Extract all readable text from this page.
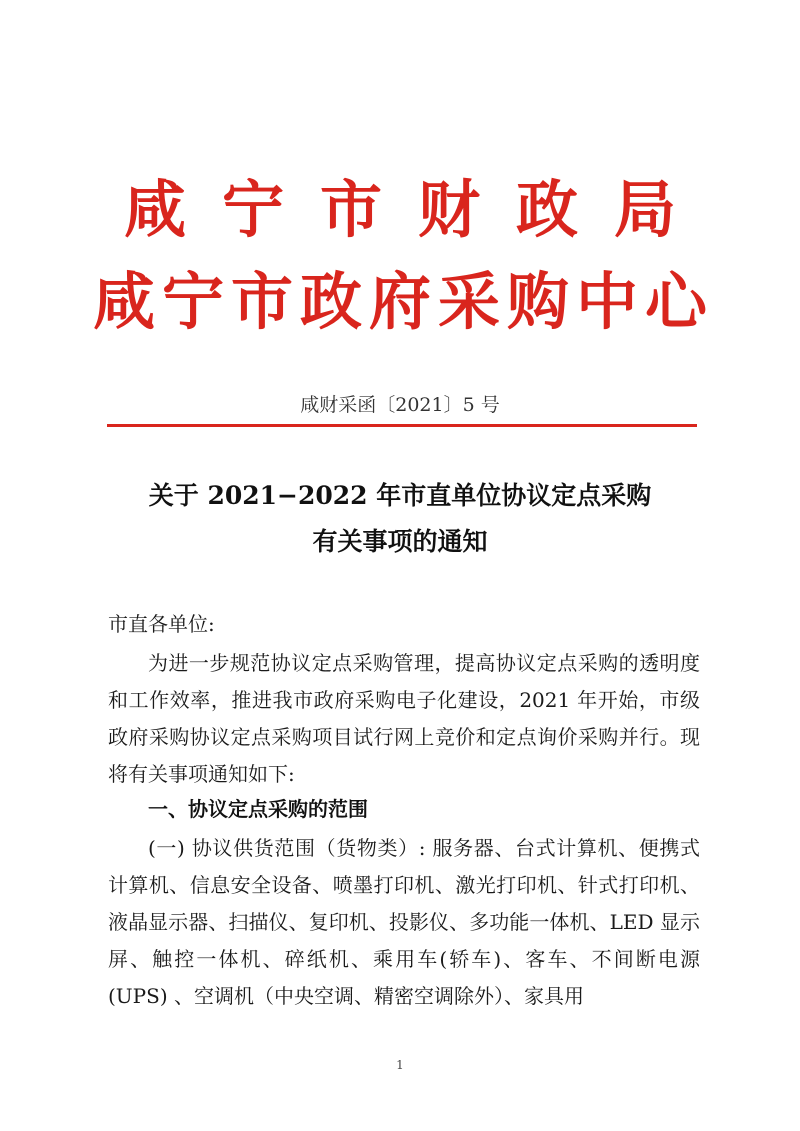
咸宁市财政局
咸宁市政府采购中心
咸财采函〔2021〕5 号
关于 2021−2022 年市直单位协议定点采购
有关事项的通知
市直各单位:
为进一步规范协议定点采购管理，提高协议定点采购的透明度和工作效率，推进我市政府采购电子化建设，2021 年开始，市级政府采购协议定点采购项目试行网上竞价和定点询价采购并行。现将有关事项通知如下:
一、协议定点采购的范围
(一) 协议供货范围（货物类）: 服务器、台式计算机、便携式计算机、信息安全设备、喷墨打印机、激光打印机、针式打印机、液晶显示器、扫描仪、复印机、投影仪、多功能一体机、LED 显示屏、触控一体机、碎纸机、乘用车(轿车)、客车、不间断电源(UPS) 、空调机（中央空调、精密空调除外）、家具用
1
